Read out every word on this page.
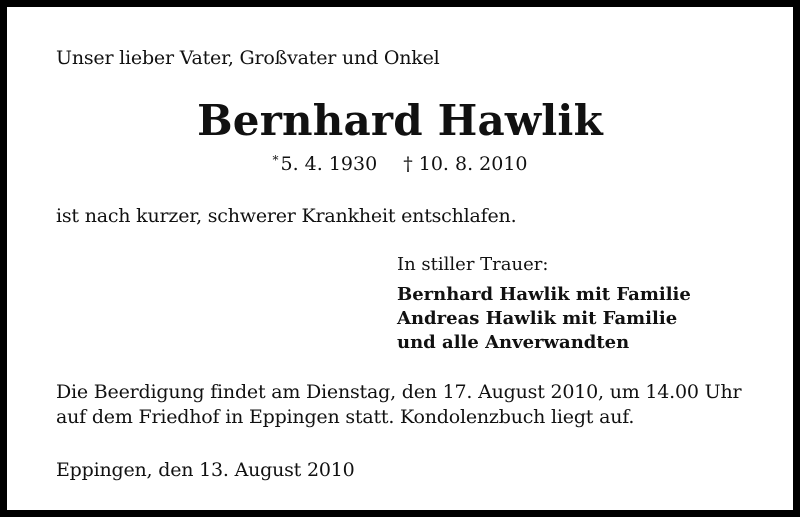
Unser lieber Vater, Großvater und Onkel

Bernhard Hawlik
* 5. 4. 1930 † 10. 8. 2010

ist nach kurzer, schwerer Krankheit entschlafen.

In stiller Trauer:

Bernhard Hawlik mit Familie
Andreas Hawlik mit Familie
und alle Anverwandten

Die Beerdigung findet am Dienstag, den 17. August 2010, um 14.00 Uhr
auf dem Friedhof in Eppingen statt. Kondolenzbuch liegt auf.

Eppingen, den 13. August 2010
